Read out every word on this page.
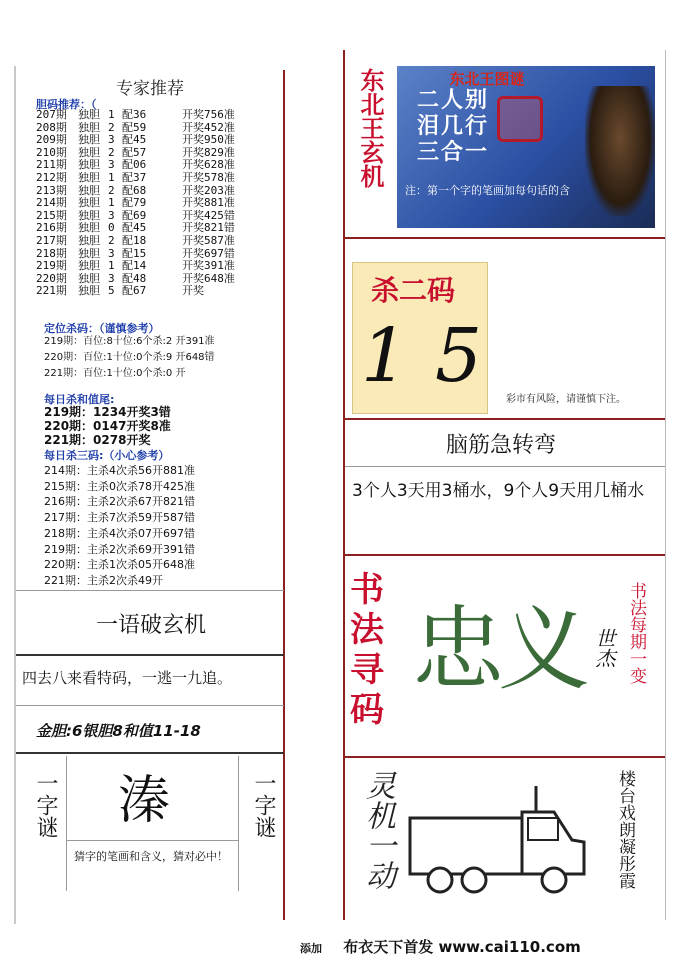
专家推荐
胆码推荐：（
207期 独胆 1 配36	开奖756准
208期 独胆 2 配59	开奖452准
209期 独胆 3 配45	开奖950准
210期 独胆 2 配57	开奖829准
211期 独胆 3 配06	开奖628准
212期 独胆 1 配37	开奖578准
213期 独胆 2 配68	开奖203准
214期 独胆 1 配79	开奖881准
215期 独胆 3 配69	开奖425错
216期 独胆 0 配45	开奖821错
217期 独胆 2 配18	开奖587准
218期 独胆 3 配15	开奖697错
219期 独胆 1 配14	开奖391准
220期 独胆 3 配48	开奖648准
221期 独胆 5 配67	开奖
定位杀码：（谨慎参考）
219期：百位:8十位:6个杀:2 开391准
220期：百位:1十位:0个杀:9 开648错
221期：百位:1十位:0个杀:0 开
每日杀和值尾:
219期：1234开奖3错
220期：0147开奖8准
221期：0278开奖
每日杀三码:（小心参考）
214期：主杀4次杀56开881准
215期：主杀0次杀78开425准
216期：主杀2次杀67开821错
217期：主杀7次杀59开587错
218期：主杀4次杀07开697错
219期：主杀2次杀69开391错
220期：主杀1次杀05开648准
221期：主杀2次杀49开
一语破玄机
四去八来看特码，一逃一九追。
金胆:6银胆8和值11-18
一字谜 溱
猜字的笔画和含义，猜对必中！
一字谜
东北王玄机	东北王图谜
二人别
泪几行
三合一
注：第一个字的笔画加每句话的含
杀二码
1 5
彩市有风险，请谨慎下注。
脑筋急转弯
3个人3天用3桶水，9个人9天用几桶水
书法寻码
忠义 世杰 书法每期一变
灵机一动	楼台戏朗凝彤霞
添加 布衣天下首发 www.cai110.com
